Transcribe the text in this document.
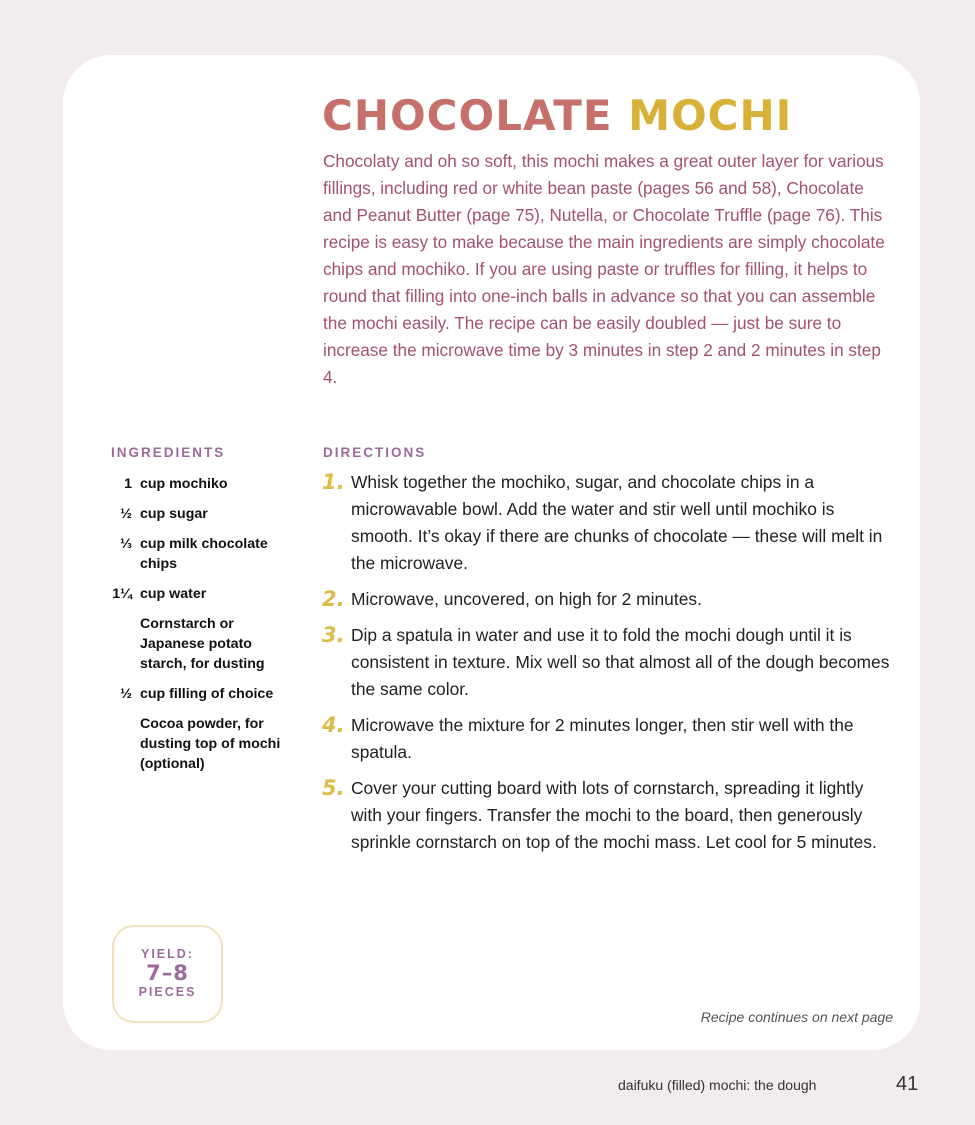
CHOCOLATE MOCHI

Chocolaty and oh so soft, this mochi makes a great outer layer for various fillings, including red or white bean paste (pages 56 and 58), Chocolate and Peanut Butter (page 75), Nutella, or Chocolate Truffle (page 76). This recipe is easy to make because the main ingredients are simply chocolate chips and mochiko. If you are using paste or truffles for filling, it helps to round that filling into one-inch balls in advance so that you can assemble the mochi easily. The recipe can be easily doubled — just be sure to increase the microwave time by 3 minutes in step 2 and 2 minutes in step 4.

INGREDIENTS	DIRECTIONS
1 cup mochiko
½ cup sugar
⅓ cup milk chocolate chips
1¼ cup water
Cornstarch or Japanese potato starch, for dusting
½ cup filling of choice
Cocoa powder, for dusting top of mochi (optional)
1. Whisk together the mochiko, sugar, and chocolate chips in a microwavable bowl. Add the water and stir well until mochiko is smooth. It’s okay if there are chunks of chocolate — these will melt in the microwave.
2. Microwave, uncovered, on high for 2 minutes.
3. Dip a spatula in water and use it to fold the mochi dough until it is consistent in texture. Mix well so that almost all of the dough becomes the same color.
4. Microwave the mixture for 2 minutes longer, then stir well with the spatula.
5. Cover your cutting board with lots of cornstarch, spreading it lightly with your fingers. Transfer the mochi to the board, then generously sprinkle cornstarch on top of the mochi mass. Let cool for 5 minutes.
YIELD:
7–8
PIECES
Recipe continues on next page
daifuku (filled) mochi: the dough	41
